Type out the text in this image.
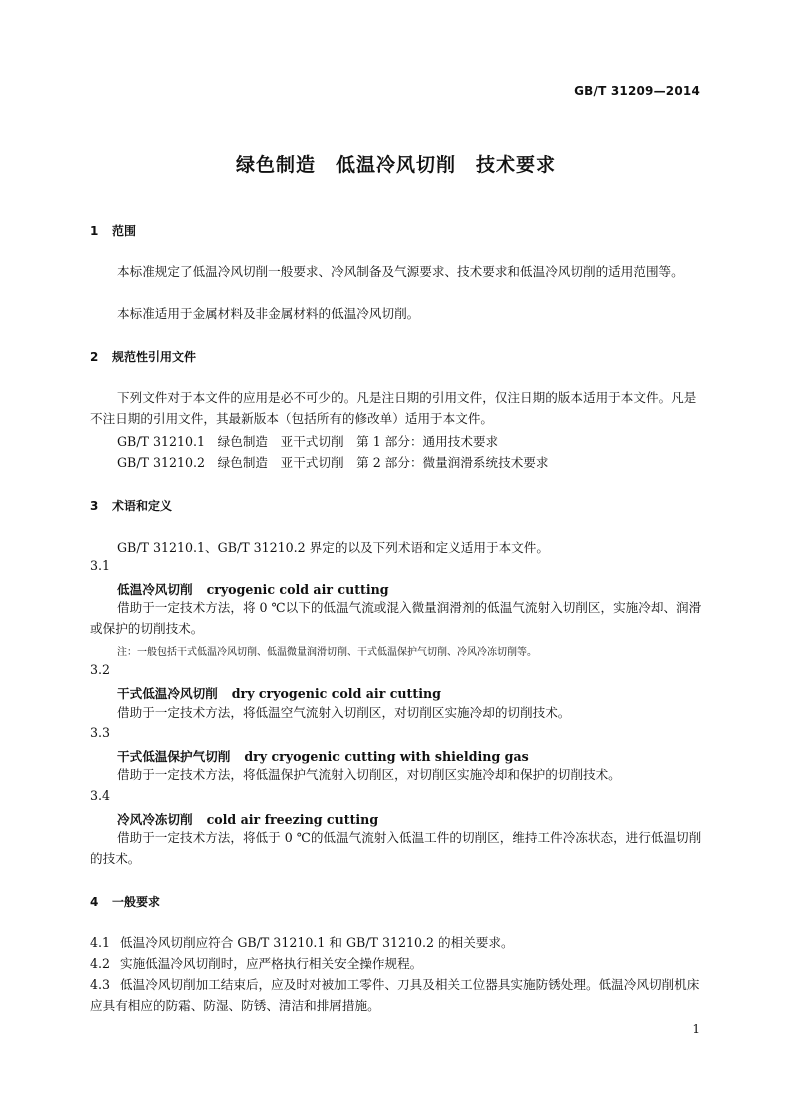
GB/T 31209—2014
绿色制造　低温冷风切削　技术要求
1 范围
本标准规定了低温冷风切削一般要求、冷风制备及气源要求、技术要求和低温冷风切削的适用范围等。
本标准适用于金属材料及非金属材料的低温冷风切削。
2 规范性引用文件
下列文件对于本文件的应用是必不可少的。凡是注日期的引用文件，仅注日期的版本适用于本文件。凡是不注日期的引用文件，其最新版本（包括所有的修改单）适用于本文件。
GB/T 31210.1　绿色制造　亚干式切削　第 1 部分：通用技术要求
GB/T 31210.2　绿色制造　亚干式切削　第 2 部分：微量润滑系统技术要求
3 术语和定义
GB/T 31210.1、GB/T 31210.2 界定的以及下列术语和定义适用于本文件。
3.1
低温冷风切削 cryogenic cold air cutting
借助于一定技术方法，将 0 ℃以下的低温气流或混入微量润滑剂的低温气流射入切削区，实施冷却、润滑或保护的切削技术。
注：一般包括干式低温冷风切削、低温微量润滑切削、干式低温保护气切削、冷风冷冻切削等。
3.2
干式低温冷风切削 dry cryogenic cold air cutting
借助于一定技术方法，将低温空气流射入切削区，对切削区实施冷却的切削技术。
3.3
干式低温保护气切削 dry cryogenic cutting with shielding gas
借助于一定技术方法，将低温保护气流射入切削区，对切削区实施冷却和保护的切削技术。
3.4
冷风冷冻切削 cold air freezing cutting
借助于一定技术方法，将低于 0 ℃的低温气流射入低温工件的切削区，维持工件冷冻状态，进行低温切削的技术。
4 一般要求
4.1 低温冷风切削应符合 GB/T 31210.1 和 GB/T 31210.2 的相关要求。
4.2 实施低温冷风切削时，应严格执行相关安全操作规程。
4.3 低温冷风切削加工结束后，应及时对被加工零件、刀具及相关工位器具实施防锈处理。低温冷风切削机床应具有相应的防霜、防湿、防锈、清洁和排屑措施。
1
